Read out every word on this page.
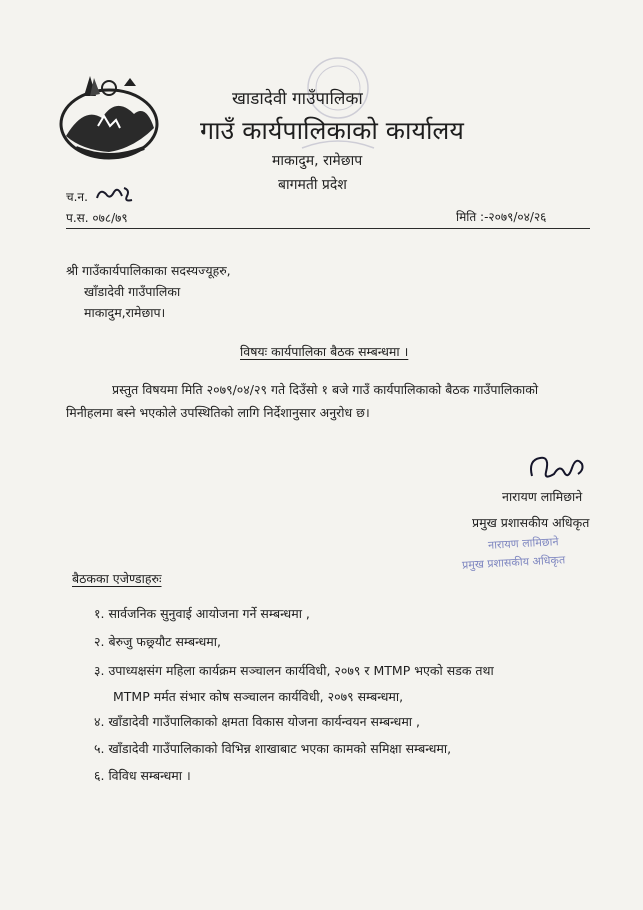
खाडादेवी गाउँपालिका
गाउँ कार्यपालिकाको कार्यालय
माकादुम, रामेछाप
बागमती प्रदेश
च.न.
प.स. ०७८/७९	मिति :-२०७९/०४/२६
श्री गाउँकार्यपालिकाका सदस्यज्यूहरु,
खाँडादेवी गाउँपालिका
माकादुम,रामेछाप।
विषयः कार्यपालिका बैठक सम्बन्धमा ।
प्रस्तुत विषयमा मिति २०७९/०४/२९ गते दिउँसो १ बजे गाउँ कार्यपालिकाको बैठक गाउँपालिकाको
मिनीहलमा बस्ने भएकोले उपस्थितिको लागि निर्देशानुसार अनुरोध छ।
नारायण लामिछाने
प्रमुख प्रशासकीय अधिकृत
नारायण लामिछाने
प्रमुख प्रशासकीय अधिकृत
बैठकका एजेण्डाहरुः
१. सार्वजनिक सुनुवाई आयोजना गर्ने सम्बन्धमा ,
२. बेरुजु फछ्र्यौट सम्बन्धमा,
३. उपाध्यक्षसंग महिला कार्यक्रम सञ्चालन कार्यविधी, २०७९ र MTMP भएको सडक तथा
MTMP मर्मत संभार कोष सञ्चालन कार्यविधी, २०७९ सम्बन्धमा,
४. खाँडादेवी गाउँपालिकाको क्षमता विकास योजना कार्यन्वयन सम्बन्धमा ,
५. खाँडादेवी गाउँपालिकाको विभिन्न शाखाबाट भएका कामको समिक्षा सम्बन्धमा,
६. विविध सम्बन्धमा ।
